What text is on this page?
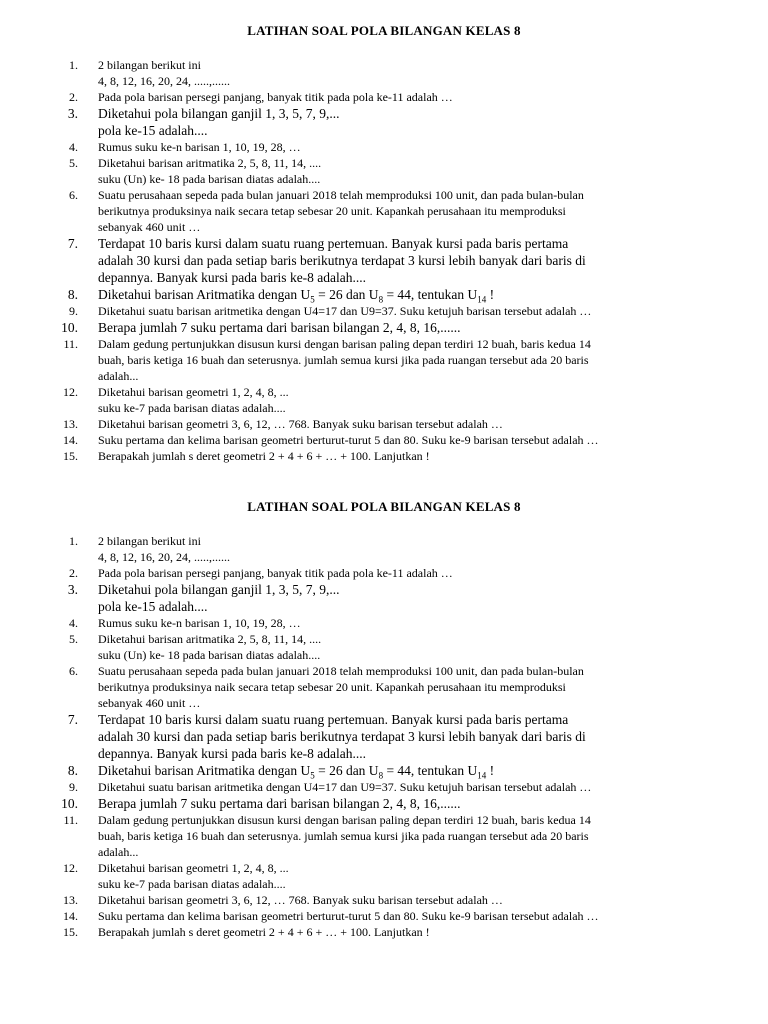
LATIHAN SOAL POLA BILANGAN KELAS 8
1. 2 bilangan berikut ini
4, 8, 12, 16, 20, 24, .....,......
2. Pada pola barisan persegi panjang, banyak titik pada pola ke-11 adalah …
3. Diketahui pola bilangan ganjil 1, 3, 5, 7, 9,...
pola ke-15 adalah....
4. Rumus suku ke-n barisan 1, 10, 19, 28, …
5. Diketahui barisan aritmatika 2, 5, 8, 11, 14, ....
suku (Un) ke- 18 pada barisan diatas adalah....
6. Suatu perusahaan sepeda pada bulan januari 2018 telah memproduksi 100 unit, dan pada bulan-bulan
berikutnya produksinya naik secara tetap sebesar 20 unit. Kapankah perusahaan itu memproduksi
sebanyak 460 unit …
7. Terdapat 10 baris kursi dalam suatu ruang pertemuan. Banyak kursi pada baris pertama
adalah 30 kursi dan pada setiap baris berikutnya terdapat 3 kursi lebih banyak dari baris di
depannya. Banyak kursi pada baris ke-8 adalah....
8. Diketahui barisan Aritmatika dengan $U_5 = 26$ dan $U_8 = 44$, tentukan $U_{14}$ !
9. Diketahui suatu barisan aritmetika dengan U4=17 dan U9=37. Suku ketujuh barisan tersebut adalah …
10. Berapa jumlah 7 suku pertama dari barisan bilangan 2, 4, 8, 16,......
11. Dalam gedung pertunjukkan disusun kursi dengan barisan paling depan terdiri 12 buah, baris kedua 14
buah, baris ketiga 16 buah dan seterusnya. jumlah semua kursi jika pada ruangan tersebut ada 20 baris
adalah...
12. Diketahui barisan geometri 1, 2, 4, 8, ...
suku ke-7 pada barisan diatas adalah....
13. Diketahui barisan geometri 3, 6, 12, … 768. Banyak suku barisan tersebut adalah …
14. Suku pertama dan kelima barisan geometri berturut-turut 5 dan 80. Suku ke-9 barisan tersebut adalah …
15. Berapakah jumlah s deret geometri 2 + 4 + 6 + … + 100. Lanjutkan !
LATIHAN SOAL POLA BILANGAN KELAS 8
1. 2 bilangan berikut ini
4, 8, 12, 16, 20, 24, .....,......
2. Pada pola barisan persegi panjang, banyak titik pada pola ke-11 adalah …
3. Diketahui pola bilangan ganjil 1, 3, 5, 7, 9,...
pola ke-15 adalah....
4. Rumus suku ke-n barisan 1, 10, 19, 28, …
5. Diketahui barisan aritmatika 2, 5, 8, 11, 14, ....
suku (Un) ke- 18 pada barisan diatas adalah....
6. Suatu perusahaan sepeda pada bulan januari 2018 telah memproduksi 100 unit, dan pada bulan-bulan
berikutnya produksinya naik secara tetap sebesar 20 unit. Kapankah perusahaan itu memproduksi
sebanyak 460 unit …
7. Terdapat 10 baris kursi dalam suatu ruang pertemuan. Banyak kursi pada baris pertama
adalah 30 kursi dan pada setiap baris berikutnya terdapat 3 kursi lebih banyak dari baris di
depannya. Banyak kursi pada baris ke-8 adalah....
8. Diketahui barisan Aritmatika dengan $U_5 = 26$ dan $U_8 = 44$, tentukan $U_{14}$ !
9. Diketahui suatu barisan aritmetika dengan U4=17 dan U9=37. Suku ketujuh barisan tersebut adalah …
10. Berapa jumlah 7 suku pertama dari barisan bilangan 2, 4, 8, 16,......
11. Dalam gedung pertunjukkan disusun kursi dengan barisan paling depan terdiri 12 buah, baris kedua 14
buah, baris ketiga 16 buah dan seterusnya. jumlah semua kursi jika pada ruangan tersebut ada 20 baris
adalah...
12. Diketahui barisan geometri 1, 2, 4, 8, ...
suku ke-7 pada barisan diatas adalah....
13. Diketahui barisan geometri 3, 6, 12, … 768. Banyak suku barisan tersebut adalah …
14. Suku pertama dan kelima barisan geometri berturut-turut 5 dan 80. Suku ke-9 barisan tersebut adalah …
15. Berapakah jumlah s deret geometri 2 + 4 + 6 + … + 100. Lanjutkan !
